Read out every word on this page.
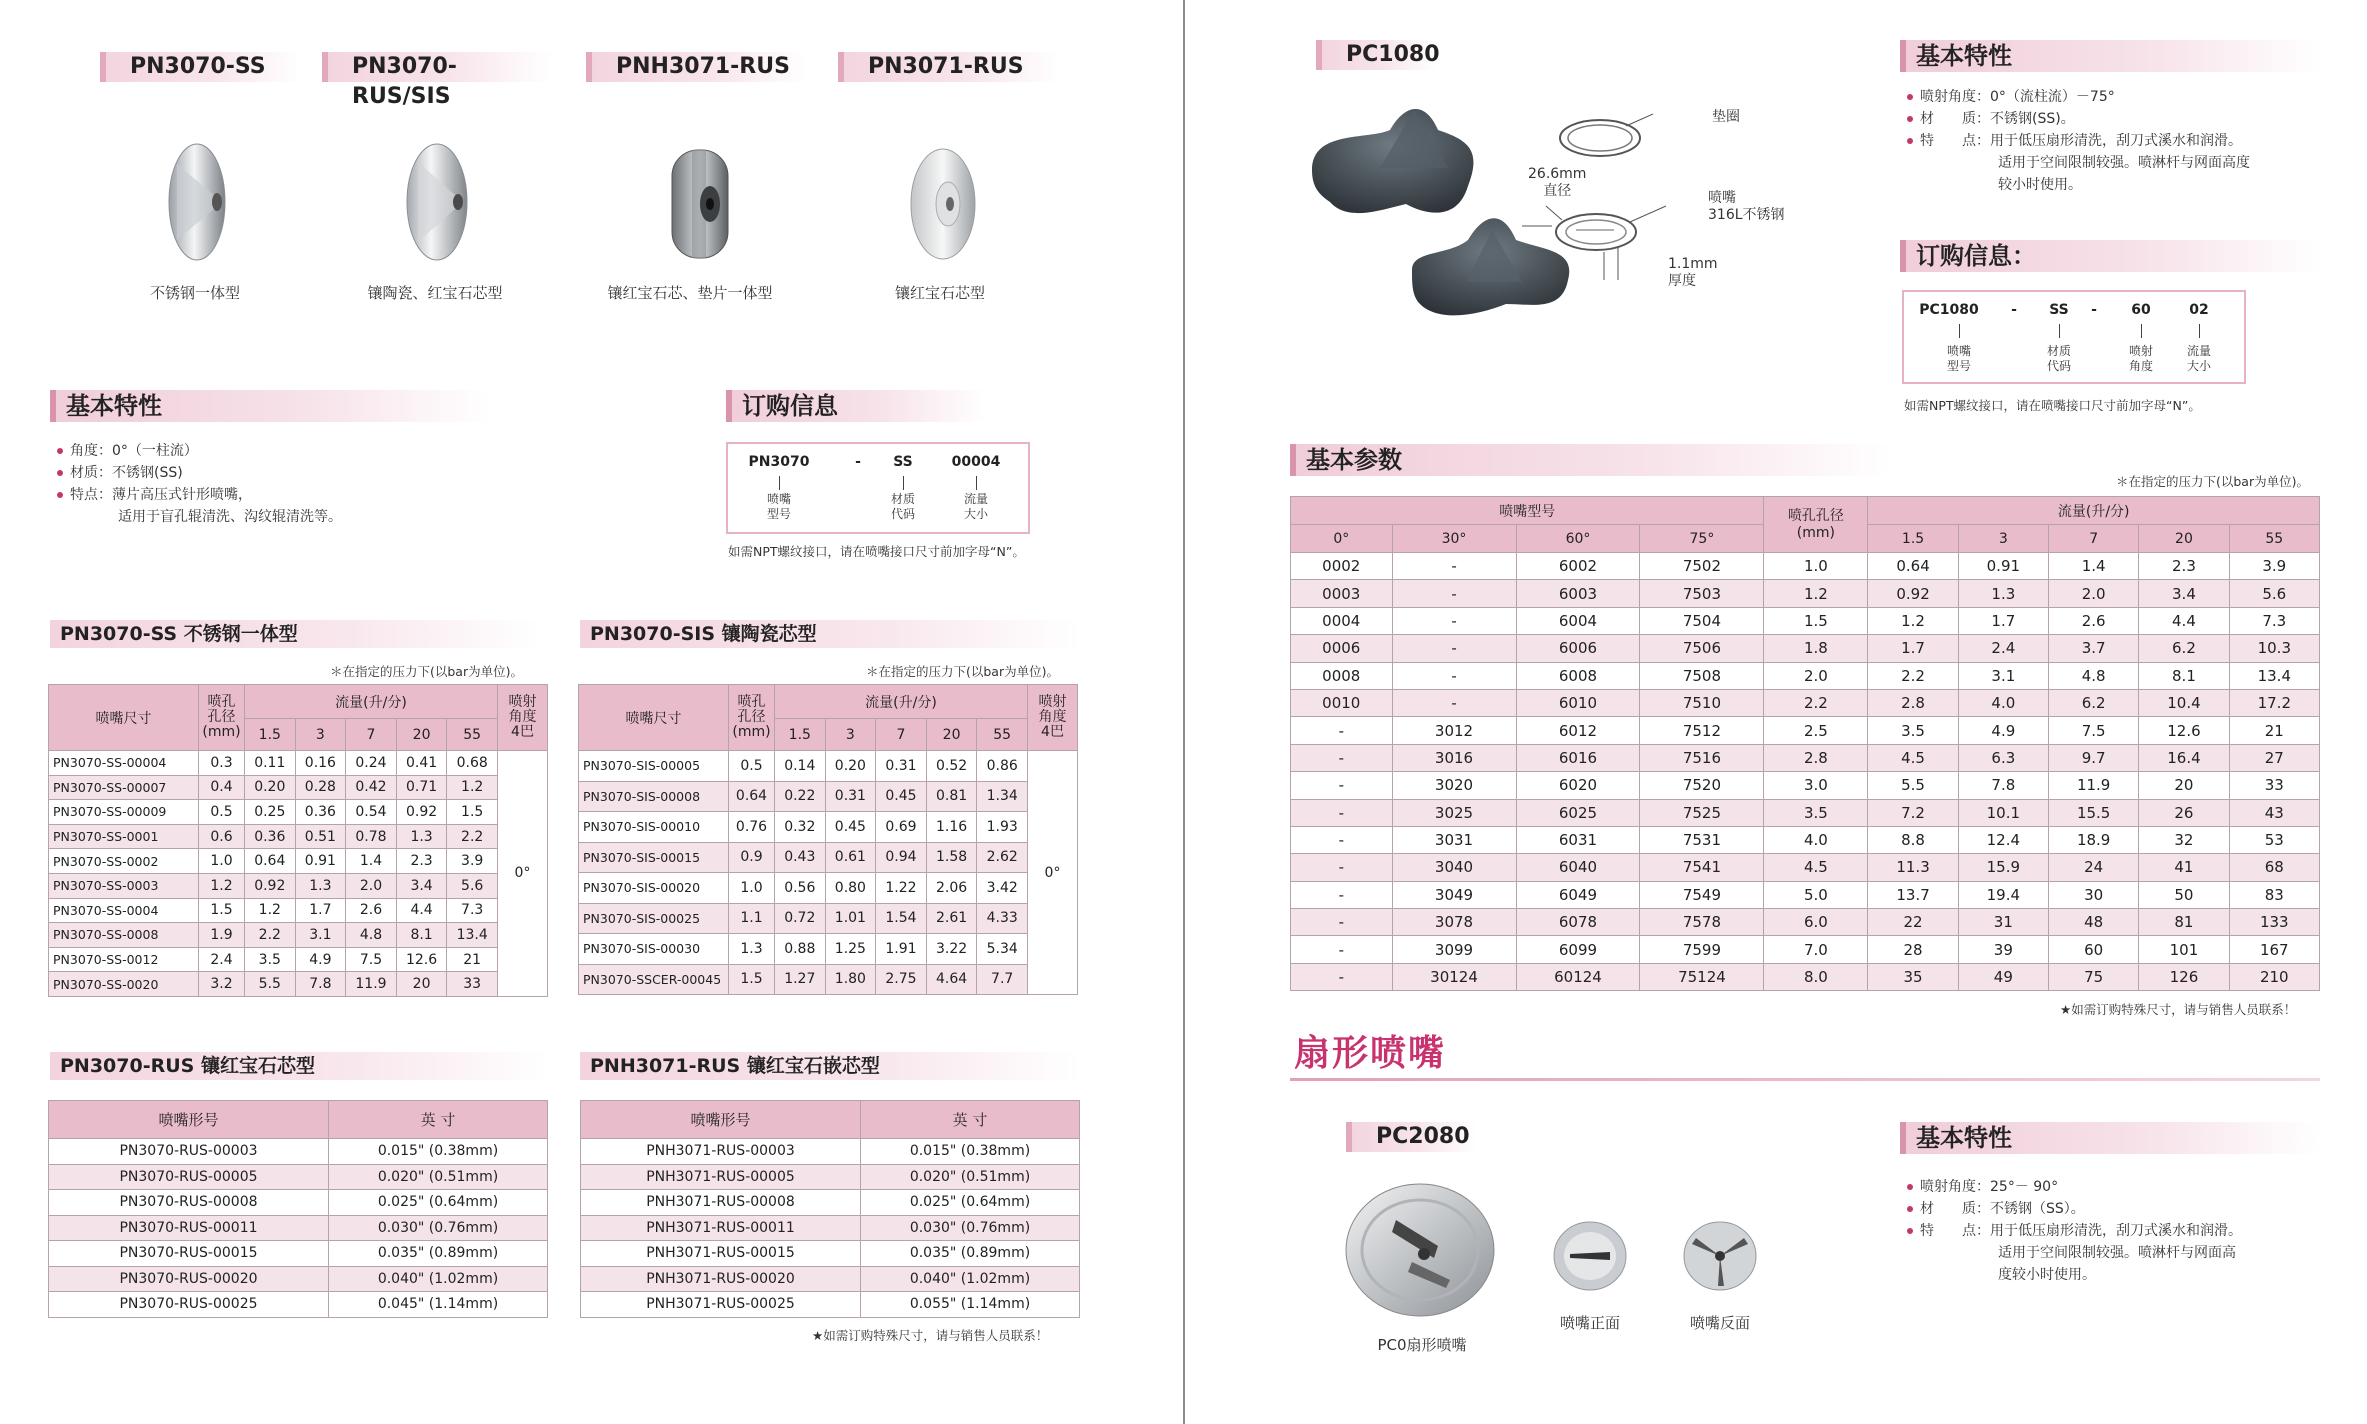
PN3070-SS	PN3070-RUS/SIS
PNH3071-RUS	PN3071-RUS
不锈钢一体型	镶陶瓷、红宝石芯型	镶红宝石芯、垫片一体型	镶红宝石芯型
基本特性
角度：0°（一柱流）
材质：不锈钢(SS)
特点：薄片高压式针形喷嘴，
适用于盲孔辊清洗、沟纹辊清洗等。
订购信息
PN3070	-	SS	00004
喷嘴
型号
材质
代码
流量
大小
如需NPT螺纹接口，请在喷嘴接口尺寸前加字母“N”。
PN3070-SS 不锈钢一体型
＊在指定的压力下(以bar为单位)。
喷嘴尺寸	喷孔
孔径
(mm)	流量(升/分)					喷射
角度
4巴
		1.5	3	7	20	55	
PN3070-SS-00004	0.3	0.11	0.16	0.24	0.41	0.68	0°
PN3070-SS-00007	0.4	0.20	0.28	0.42	0.71	1.2	
PN3070-SS-00009	0.5	0.25	0.36	0.54	0.92	1.5	
PN3070-SS-0001	0.6	0.36	0.51	0.78	1.3	2.2	
PN3070-SS-0002	1.0	0.64	0.91	1.4	2.3	3.9	
PN3070-SS-0003	1.2	0.92	1.3	2.0	3.4	5.6	
PN3070-SS-0004	1.5	1.2	1.7	2.6	4.4	7.3	
PN3070-SS-0008	1.9	2.2	3.1	4.8	8.1	13.4	
PN3070-SS-0012	2.4	3.5	4.9	7.5	12.6	21	
PN3070-SS-0020	3.2	5.5	7.8	11.9	20	33	
PN3070-SIS 镶陶瓷芯型
＊在指定的压力下(以bar为单位)。
喷嘴尺寸	喷孔
孔径
(mm)	流量(升/分)					喷射
角度
4巴
		1.5	3	7	20	55	
PN3070-SIS-00005	0.5	0.14	0.20	0.31	0.52	0.86	0°
PN3070-SIS-00008	0.64	0.22	0.31	0.45	0.81	1.34	
PN3070-SIS-00010	0.76	0.32	0.45	0.69	1.16	1.93	
PN3070-SIS-00015	0.9	0.43	0.61	0.94	1.58	2.62	
PN3070-SIS-00020	1.0	0.56	0.80	1.22	2.06	3.42	
PN3070-SIS-00025	1.1	0.72	1.01	1.54	2.61	4.33	
PN3070-SIS-00030	1.3	0.88	1.25	1.91	3.22	5.34	
PN3070-SSCER-00045	1.5	1.27	1.80	2.75	4.64	7.7	
PN3070-RUS 镶红宝石芯型
喷嘴形号	英 寸
PN3070-RUS-00003	0.015" (0.38mm)
PN3070-RUS-00005	0.020" (0.51mm)
PN3070-RUS-00008	0.025" (0.64mm)
PN3070-RUS-00011	0.030" (0.76mm)
PN3070-RUS-00015	0.035" (0.89mm)
PN3070-RUS-00020	0.040" (1.02mm)
PN3070-RUS-00025	0.045" (1.14mm)
PNH3071-RUS 镶红宝石嵌芯型
喷嘴形号	英 寸
PNH3071-RUS-00003	0.015" (0.38mm)
PNH3071-RUS-00005	0.020" (0.51mm)
PNH3071-RUS-00008	0.025" (0.64mm)
PNH3071-RUS-00011	0.030" (0.76mm)
PNH3071-RUS-00015	0.035" (0.89mm)
PNH3071-RUS-00020	0.040" (1.02mm)
PNH3071-RUS-00025	0.055" (1.14mm)
★如需订购特殊尺寸，请与销售人员联系！
PC1080
垫圈
26.6mm
直径	喷嘴
316L不锈钢
1.1mm
厚度
基本特性
喷射角度：0°（流柱流）－75°
材　　质：不锈钢(SS)。
特　　点：用于低压扇形清洗，刮刀式溪水和润滑。
适用于空间限制较强。喷淋杆与网面高度
较小时使用。
订购信息：
PC1080	-	SS	-	60	02
喷嘴
型号
材质
代码
喷射
角度
流量
大小
如需NPT螺纹接口，请在喷嘴接口尺寸前加字母“N”。
基本参数
＊在指定的压力下(以bar为单位)。
喷嘴型号				喷孔孔径
(mm)	流量(升/分)				
0°	30°	60°	75°		1.5	3	7	20	55
0002	-	6002	7502	1.0	0.64	0.91	1.4	2.3	3.9
0003	-	6003	7503	1.2	0.92	1.3	2.0	3.4	5.6
0004	-	6004	7504	1.5	1.2	1.7	2.6	4.4	7.3
0006	-	6006	7506	1.8	1.7	2.4	3.7	6.2	10.3
0008	-	6008	7508	2.0	2.2	3.1	4.8	8.1	13.4
0010	-	6010	7510	2.2	2.8	4.0	6.2	10.4	17.2
-	3012	6012	7512	2.5	3.5	4.9	7.5	12.6	21
-	3016	6016	7516	2.8	4.5	6.3	9.7	16.4	27
-	3020	6020	7520	3.0	5.5	7.8	11.9	20	33
-	3025	6025	7525	3.5	7.2	10.1	15.5	26	43
-	3031	6031	7531	4.0	8.8	12.4	18.9	32	53
-	3040	6040	7541	4.5	11.3	15.9	24	41	68
-	3049	6049	7549	5.0	13.7	19.4	30	50	83
-	3078	6078	7578	6.0	22	31	48	81	133
-	3099	6099	7599	7.0	28	39	60	101	167
-	30124	60124	75124	8.0	35	49	75	126	210
★如需订购特殊尺寸，请与销售人员联系！
扇形喷嘴
PC2080
PC0扇形喷嘴
喷嘴正面	喷嘴反面
基本特性
喷射角度：25°－ 90°
材　　质：不锈钢（SS）。
特　　点：用于低压扇形清洗，刮刀式溪水和润滑。
适用于空间限制较强。喷淋杆与网面高
度较小时使用。
